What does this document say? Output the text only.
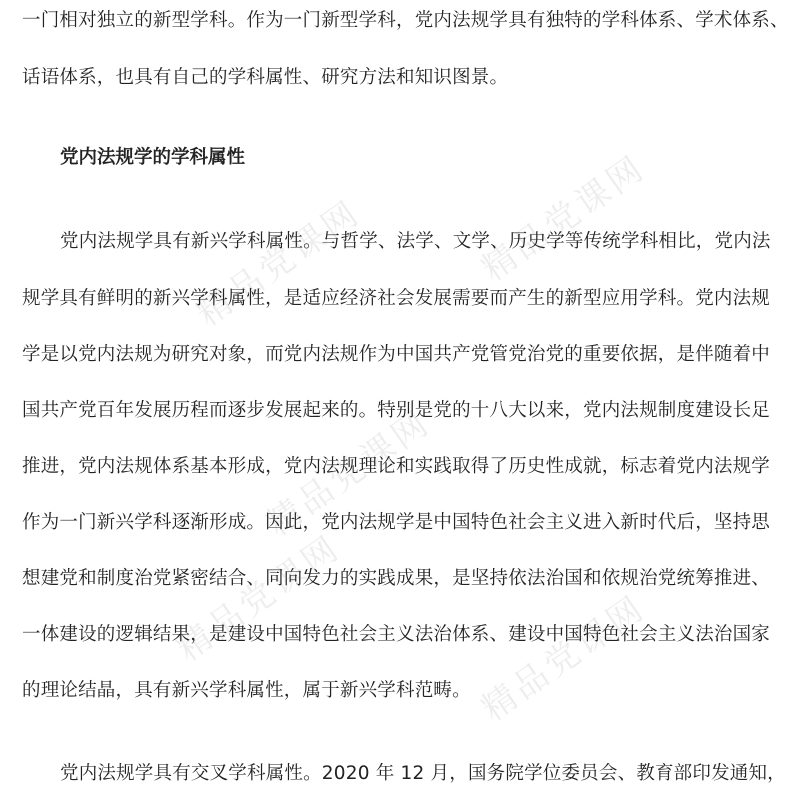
精品党课网	精品党课网
精品党课网
精品党课网	精品党课网
一门相对独立的新型学科。作为一门新型学科，党内法规学具有独特的学科体系、学术体系、
话语体系，也具有自己的学科属性、研究方法和知识图景。
党内法规学的学科属性
党内法规学具有新兴学科属性。与哲学、法学、文学、历史学等传统学科相比，党内法
规学具有鲜明的新兴学科属性，是适应经济社会发展需要而产生的新型应用学科。党内法规
学是以党内法规为研究对象，而党内法规作为中国共产党管党治党的重要依据，是伴随着中
国共产党百年发展历程而逐步发展起来的。特别是党的十八大以来，党内法规制度建设长足
推进，党内法规体系基本形成，党内法规理论和实践取得了历史性成就，标志着党内法规学
作为一门新兴学科逐渐形成。因此，党内法规学是中国特色社会主义进入新时代后，坚持思
想建党和制度治党紧密结合、同向发力的实践成果，是坚持依法治国和依规治党统筹推进、
一体建设的逻辑结果，是建设中国特色社会主义法治体系、建设中国特色社会主义法治国家
的理论结晶，具有新兴学科属性，属于新兴学科范畴。
党内法规学具有交叉学科属性。2020 年 12 月，国务院学位委员会、教育部印发通知，
